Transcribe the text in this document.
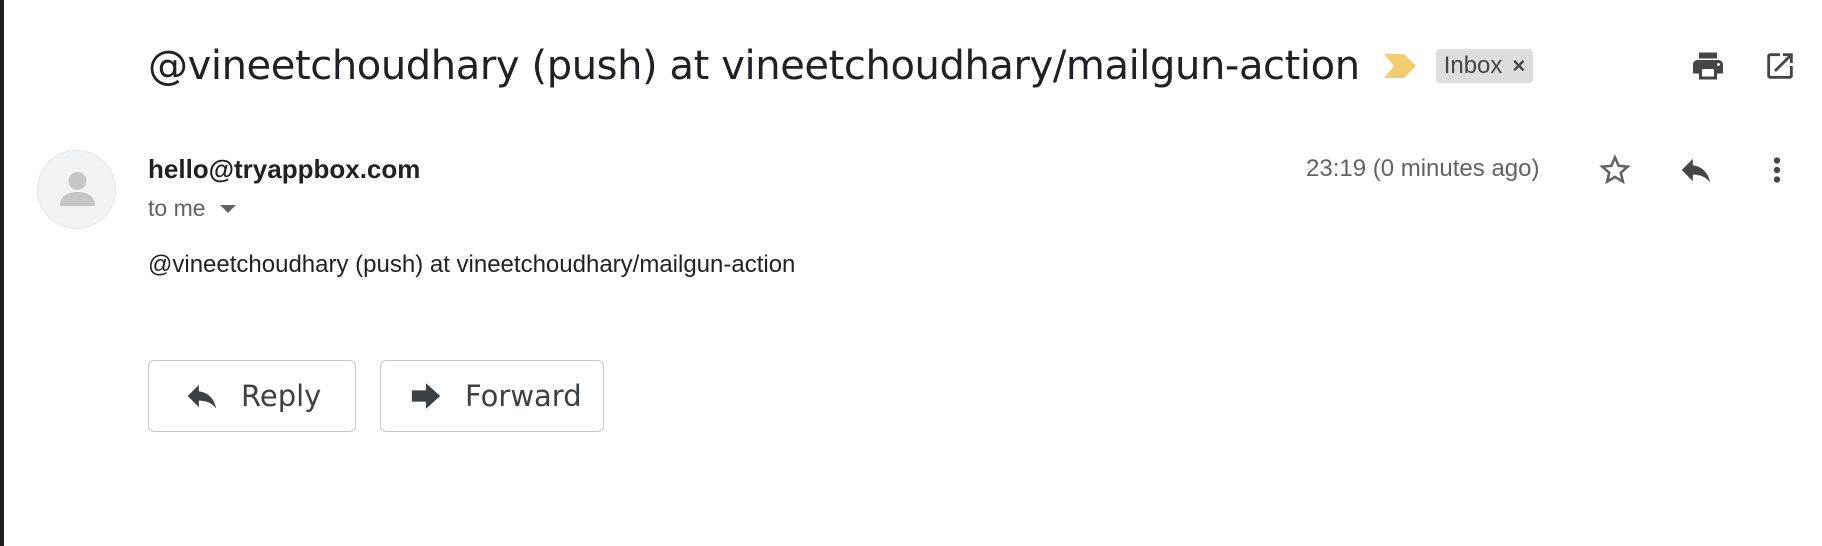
@vineetchoudhary (push) at vineetchoudhary/mailgun-action	Inbox ×
hello@tryappbox.com
to me
23:19 (0 minutes ago)
@vineetchoudhary (push) at vineetchoudhary/mailgun-action
Reply	Forward
